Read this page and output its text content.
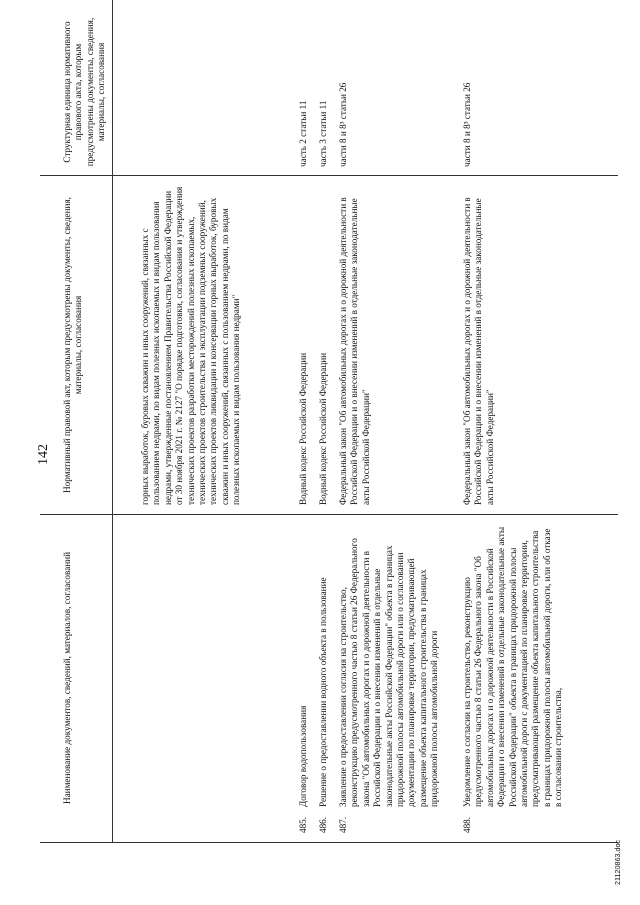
142
Наименование документов, сведений, материалов, согласований
Нормативный правовой акт, которым предусмотрены документы, сведения, материалы, согласования
Структурная единица нормативного правового акта, которым предусмотрены документы, сведения, материалы, согласования
горных выработок, буровых скважин и иных сооружений, связанных с пользованием недрами, по видам полезных ископаемых и видам пользования недрами, утвержденные постановлением Правительства Российской Федерации от 30 ноября 2021 г. № 2127 "О порядке подготовки, согласования и утверждения технических проектов разработки месторождений полезных ископаемых, технических проектов строительства и эксплуатации подземных сооружений, технических проектов ликвидации и консервации горных выработок, буровых скважин и иных сооружений, связанных с пользованием недрами, по видам полезных ископаемых и видам пользования недрами"
485.
Договор водопользования
Водный кодекс Российской Федерации
часть 2 статьи 11
486.
Решение о предоставлении водного объекта в пользование
Водный кодекс Российской Федерации
часть 3 статьи 11
487.
Заявление о предоставлении согласия на строительство, реконструкцию предусмотренного частью 8 статьи 26 Федерального закона "Об автомобильных дорогах и о дорожной деятельности в Российской Федерации и о внесении изменений в отдельные законодательные акты Российской Федерации" объекта в границах придорожной полосы автомобильной дороги или о согласовании документации по планировке территории, предусматривающей размещение объекта капитального строительства в границах придорожной полосы автомобильной дороги
Федеральный закон "Об автомобильных дорогах и о дорожной деятельности в Российской Федерации и о внесении изменений в отдельные законодательные акты Российской Федерации"
части 8 и 8³ статьи 26
488.
Уведомление о согласии на строительство, реконструкцию предусмотренного частью 8 статьи 26 Федерального закона "Об автомобильных дорогах и о дорожной деятельности в Российской Федерации и о внесении изменений в отдельные законодательные акты Российской Федерации" объекта в границах придорожной полосы автомобильной дороги с документацией по планировке территории, предусматривающей размещение объекта капитального строительства в границах придорожной полосы автомобильной дороги, или об отказе в согласовании строительства,
Федеральный закон "Об автомобильных дорогах и о дорожной деятельности в Российской Федерации и о внесении изменений в отдельные законодательные акты Российской Федерации"
части 8 и 8³ статьи 26
21120863.doc
